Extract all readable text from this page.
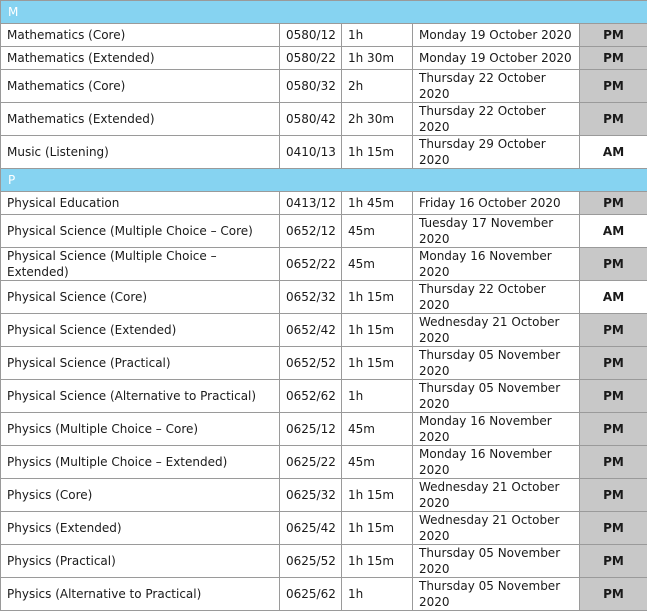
M				
Mathematics (Core)	0580/12	1h	Monday 19 October 2020	PM
Mathematics (Extended)	0580/22	1h 30m	Monday 19 October 2020	PM
Mathematics (Core)	0580/32	2h	Thursday 22 October 2020	PM
Mathematics (Extended)	0580/42	2h 30m	Thursday 22 October 2020	PM
Music (Listening)	0410/13	1h 15m	Thursday 29 October 2020	AM
P				
Physical Education	0413/12	1h 45m	Friday 16 October 2020	PM
Physical Science (Multiple Choice – Core)	0652/12	45m	Tuesday 17 November 2020	AM
Physical Science (Multiple Choice – Extended)	0652/22	45m	Monday 16 November 2020	PM
Physical Science (Core)	0652/32	1h 15m	Thursday 22 October 2020	AM
Physical Science (Extended)	0652/42	1h 15m	Wednesday 21 October 2020	PM
Physical Science (Practical)	0652/52	1h 15m	Thursday 05 November 2020	PM
Physical Science (Alternative to Practical)	0652/62	1h	Thursday 05 November 2020	PM
Physics (Multiple Choice – Core)	0625/12	45m	Monday 16 November 2020	PM
Physics (Multiple Choice – Extended)	0625/22	45m	Monday 16 November 2020	PM
Physics (Core)	0625/32	1h 15m	Wednesday 21 October 2020	PM
Physics (Extended)	0625/42	1h 15m	Wednesday 21 October 2020	PM
Physics (Practical)	0625/52	1h 15m	Thursday 05 November 2020	PM
Physics (Alternative to Practical)	0625/62	1h	Thursday 05 November 2020	PM
